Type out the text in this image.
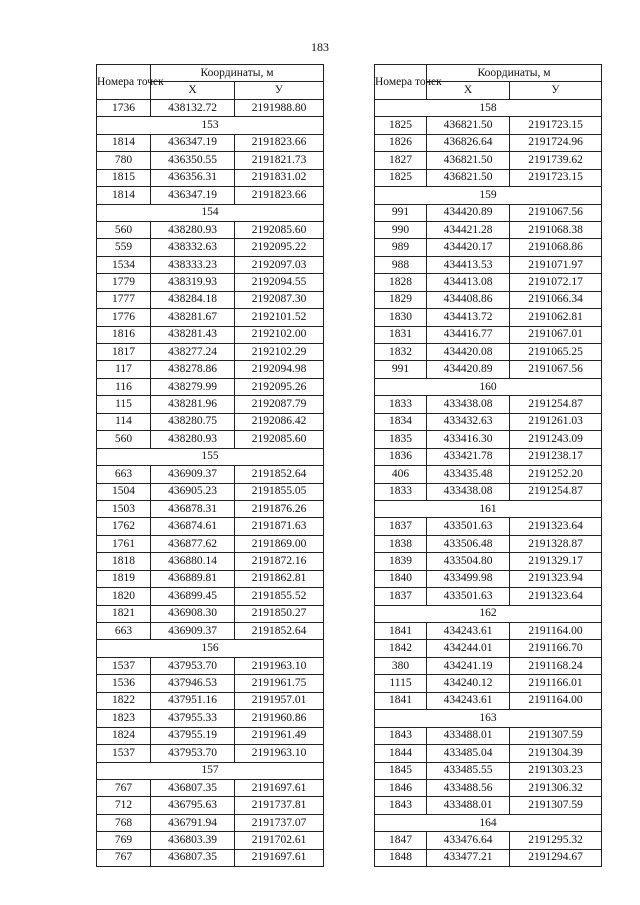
183
Номера точек	Координаты, м	
	X	У
1736	438132.72	2191988.80
153		
1814	436347.19	2191823.66
780	436350.55	2191821.73
1815	436356.31	2191831.02
1814	436347.19	2191823.66
154		
560	438280.93	2192085.60
559	438332.63	2192095.22
1534	438333.23	2192097.03
1779	438319.93	2192094.55
1777	438284.18	2192087.30
1776	438281.67	2192101.52
1816	438281.43	2192102.00
1817	438277.24	2192102.29
117	438278.86	2192094.98
116	438279.99	2192095.26
115	438281.96	2192087.79
114	438280.75	2192086.42
560	438280.93	2192085.60
155		
663	436909.37	2191852.64
1504	436905.23	2191855.05
1503	436878.31	2191876.26
1762	436874.61	2191871.63
1761	436877.62	2191869.00
1818	436880.14	2191872.16
1819	436889.81	2191862.81
1820	436899.45	2191855.52
1821	436908.30	2191850.27
663	436909.37	2191852.64
156		
1537	437953.70	2191963.10
1536	437946.53	2191961.75
1822	437951.16	2191957.01
1823	437955.33	2191960.86
1824	437955.19	2191961.49
1537	437953.70	2191963.10
157		
767	436807.35	2191697.61
712	436795.63	2191737.81
768	436791.94	2191737.07
769	436803.39	2191702.61
767	436807.35	2191697.61
Номера точек	Координаты, м	
	X	У
158		
1825	436821.50	2191723.15
1826	436826.64	2191724.96
1827	436821.50	2191739.62
1825	436821.50	2191723.15
159		
991	434420.89	2191067.56
990	434421.28	2191068.38
989	434420.17	2191068.86
988	434413.53	2191071.97
1828	434413.08	2191072.17
1829	434408.86	2191066.34
1830	434413.72	2191062.81
1831	434416.77	2191067.01
1832	434420.08	2191065.25
991	434420.89	2191067.56
160		
1833	433438.08	2191254.87
1834	433432.63	2191261.03
1835	433416.30	2191243.09
1836	433421.78	2191238.17
406	433435.48	2191252.20
1833	433438.08	2191254.87
161		
1837	433501.63	2191323.64
1838	433506.48	2191328.87
1839	433504.80	2191329.17
1840	433499.98	2191323.94
1837	433501.63	2191323.64
162		
1841	434243.61	2191164.00
1842	434244.01	2191166.70
380	434241.19	2191168.24
1115	434240.12	2191166.01
1841	434243.61	2191164.00
163		
1843	433488.01	2191307.59
1844	433485.04	2191304.39
1845	433485.55	2191303.23
1846	433488.56	2191306.32
1843	433488.01	2191307.59
164		
1847	433476.64	2191295.32
1848	433477.21	2191294.67
